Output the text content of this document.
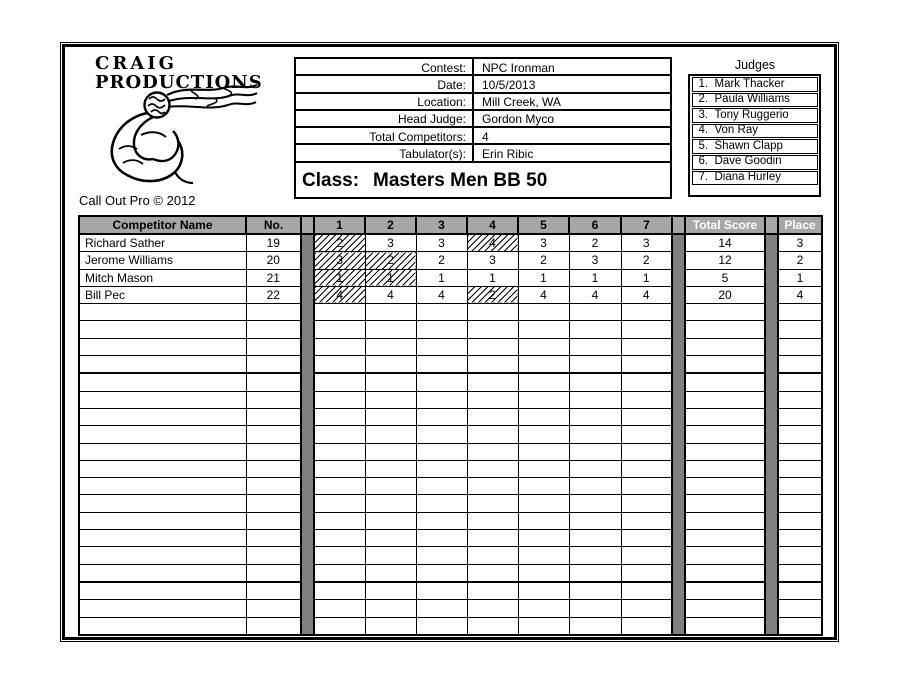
CRAIG
PRODUCTIONS
Call Out Pro © 2012
Contest:	NPC Ironman
Date:	10/5/2013
Location:	Mill Creek, WA
Head Judge:	Gordon Myco
Total Competitors:	4
Tabulator(s):	Erin Ribic
Class: Masters Men BB 50
Judges
1. Mark Thacker
2. Paula Williams
3. Tony Ruggerio
4. Von Ray
5. Shawn Clapp
6. Dave Goodin
7. Diana Hurley
Competitor Name	No.		1	2	3	4	5	6	7		Total Score		Place
Richard Sather	19		2	3	3	4	3	2	3		14		3
Jerome Williams	20		3	2	2	3	2	3	2		12		2
Mitch Mason	21		1	1	1	1	1	1	1		5		1
Bill Pec	22		4	4	4	2	4	4	4		20		4
